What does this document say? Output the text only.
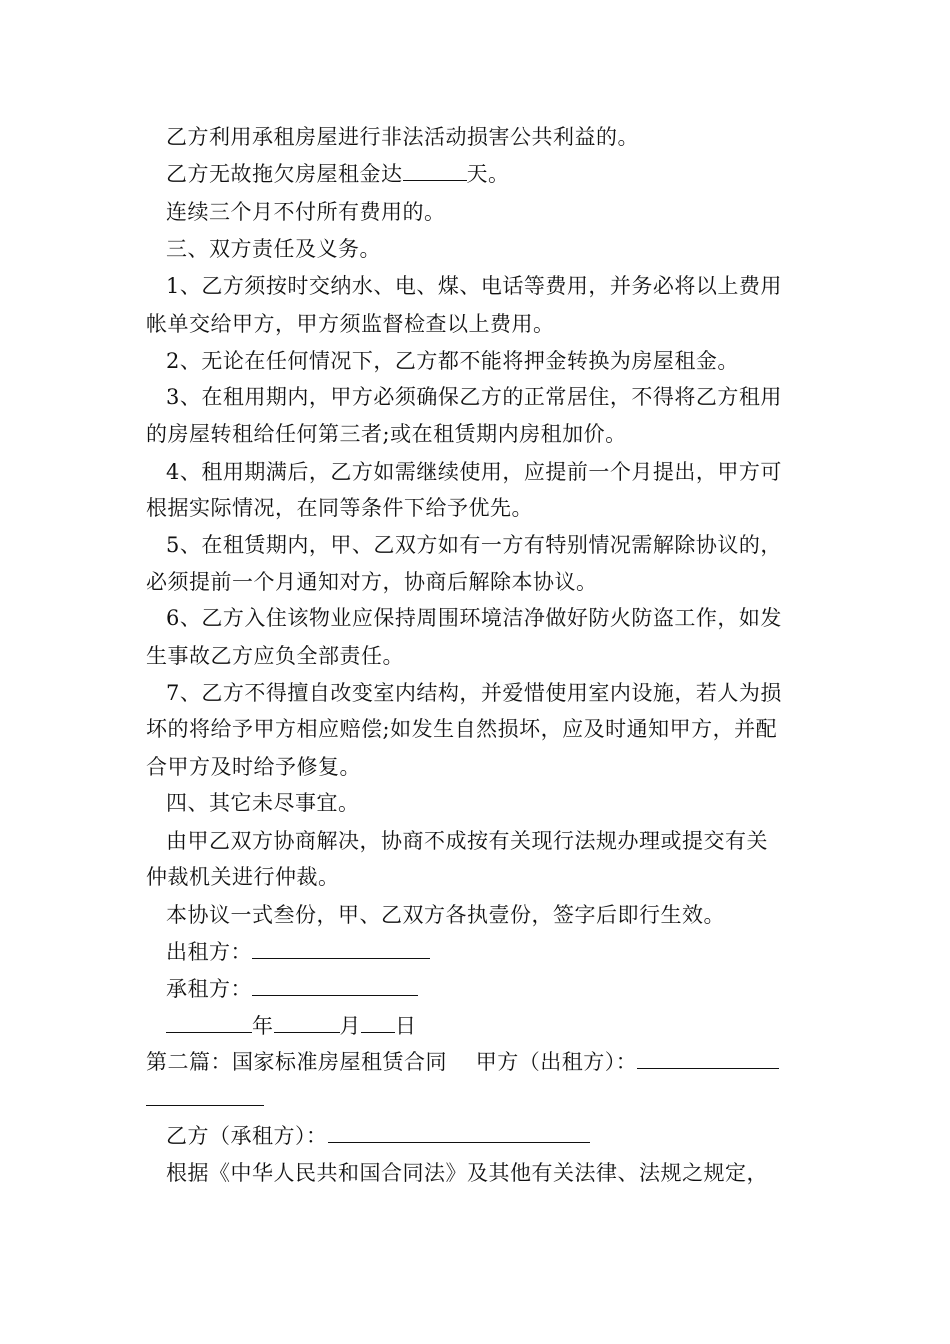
乙方利用承租房屋进行非法活动损害公共利益的。
乙方无故拖欠房屋租金达	天。
连续三个月不付所有费用的。
三、双方责任及义务。
1、乙方须按时交纳水、电、煤、电话等费用，并务必将以上费用
帐单交给甲方，甲方须监督检查以上费用。
2、无论在任何情况下，乙方都不能将押金转换为房屋租金。
3、在租用期内，甲方必须确保乙方的正常居住，不得将乙方租用
的房屋转租给任何第三者;或在租赁期内房租加价。
4、租用期满后，乙方如需继续使用，应提前一个月提出，甲方可
根据实际情况，在同等条件下给予优先。
5、在租赁期内，甲、乙双方如有一方有特别情况需解除协议的，
必须提前一个月通知对方，协商后解除本协议。
6、乙方入住该物业应保持周围环境洁净做好防火防盗工作，如发
生事故乙方应负全部责任。
7、乙方不得擅自改变室内结构，并爱惜使用室内设施，若人为损
坏的将给予甲方相应赔偿;如发生自然损坏，应及时通知甲方，并配
合甲方及时给予修复。
四、其它未尽事宜。
由甲乙双方协商解决，协商不成按有关现行法规办理或提交有关
仲裁机关进行仲裁。
本协议一式叁份，甲、乙双方各执壹份，签字后即行生效。
出租方：
承租方：
年	月 日
第二篇：国家标准房屋租赁合同 甲方（出租方）：
乙方（承租方）：
根据《中华人民共和国合同法》及其他有关法律、法规之规定，
